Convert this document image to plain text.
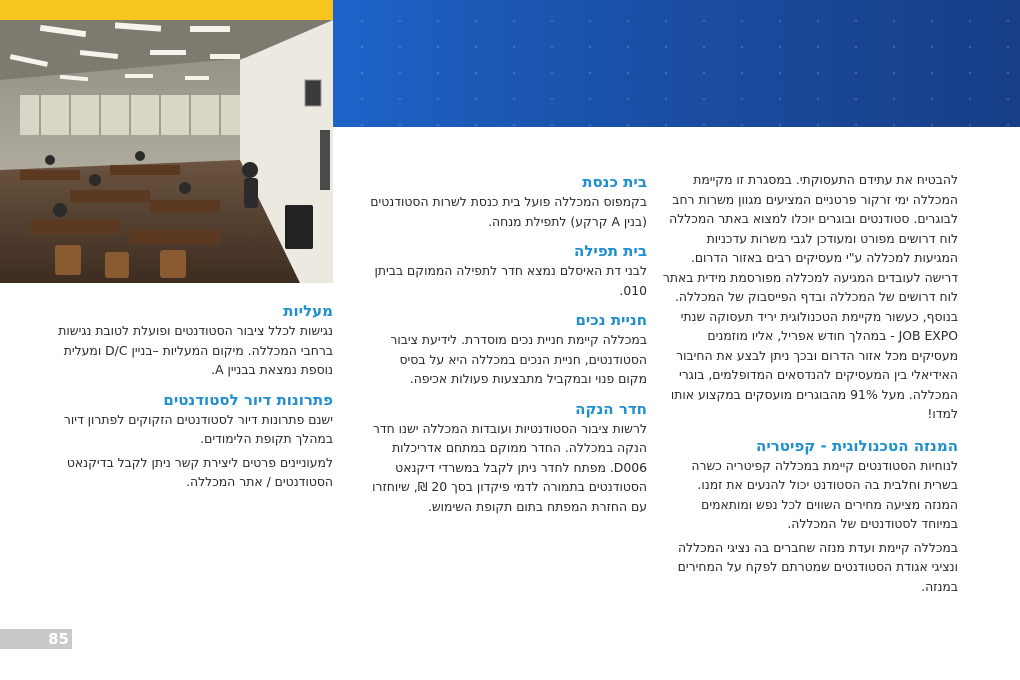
להבטיח את עתידם התעסוקתי. במסגרת זו מקיימת המכללה ימי זרקור פרטניים המציעים מגוון משרות רחב לבוגרים. סטודנטים ובוגרים יוכלו למצוא באתר המכללה לוח דרושים מפורט ומעודכן לגבי משרות עדכניות המגיעות למכללה ע"י מעסיקים רבים באזור הדרום. דרישה לעובדים המגיעה למכללה מפורסמת מידית באתר לוח דרושים של המכללה ובדף הפייסבוק של המכללה. בנוסף, כעשור מקיימת הטכנולוגית יריד תעסוקה שנתי JOB EXPO - במהלך חודש אפריל, אליו מוזמנים מעסיקים מכל אזור הדרום ובכך ניתן לבצע את החיבור האידיאלי בין המעסיקים להנדסאים המדופלמים, בוגרי המכללה. מעל 91% מהבוגרים מועסקים במקצוע אותו למדו!

המנזה הטכנולוגית - קפיטריה

לנוחיות הסטודנטים קיימת במכללה קפיטריה כשרה בשרית וחלבית בה הסטודנט יכול להנעים את זמנו. המנזה מציעה מחירים השווים לכל נפש ומותאמים במיוחד לסטודנטים של המכללה.

במכללה קיימת ועדת מנזה שחברים בה נציגי המכללה ונציגי אגודת הסטודנטים שמטרתם לפקח על המחירים במנזה.

בית כנסת

בקמפוס המכללה פועל בית כנסת לשרות הסטודנטים (בנין A קרקע) לתפילת מנחה.

בית תפילה

לבני דת האיסלם נמצא חדר לתפילה הממוקם בביתן 010.

חניית נכים

במכללה קיימת חניית נכים מוסדרת. לידיעת ציבור הסטודנטים, חניית הנכים במכללה היא על בסיס מקום פנוי ובמקביל מתבצעות פעולות אכיפה.

חדר הנקה

לרשות ציבור הסטודנטיות ועובדות המכללה ישנו חדר הנקה במכללה. החדר ממוקם במתחם אדריכלות D006. מפתח לחדר ניתן לקבל במשרדי דיקנאט הסטודנטים בתמורה לדמי פיקדון בסך 20 ₪, שיוחזרו עם החזרת המפתח בתום תקופת השימוש.

מעליות

נגישות לכלל ציבור הסטודנטים ופועלת לטובת נגישות ברחבי המכללה. מיקום המעליות –בניין D/C ומעלית נוספת נמצאת בבניין A.

פתרונות דיור לסטודנטים

ישנם פתרונות דיור לסטודנטים הזקוקים לפתרון דיור במהלך תקופת הלימודים.

למעוניינים פרטים ליצירת קשר ניתן לקבל בדיקנאט הסטודנטים / אתר המכללה.

85
